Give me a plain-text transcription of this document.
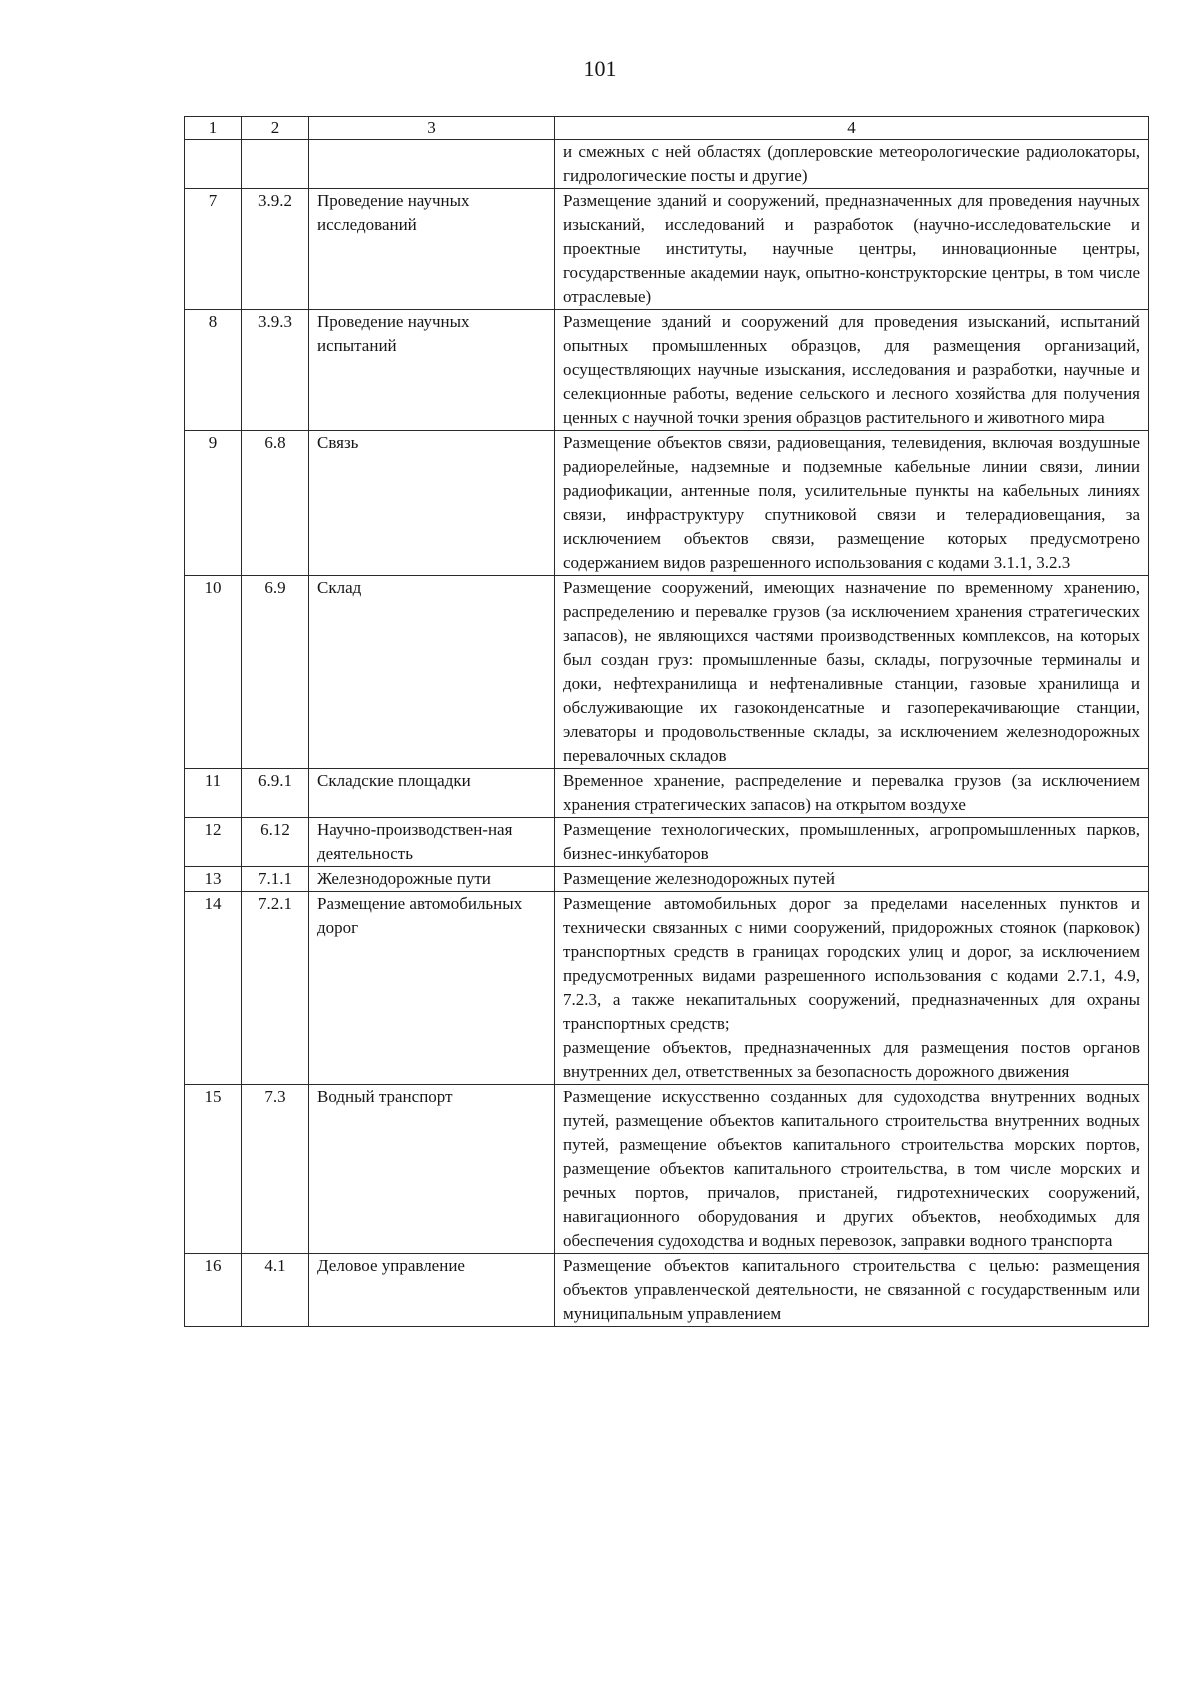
101
1	2	3	4
			и смежных с ней областях (доплеровские метеорологические радиолокаторы, гидрологические посты и другие)
7	3.9.2	Проведение научных исследований	Размещение зданий и сооружений, предназначенных для проведения научных изысканий, исследований и разработок (научно-исследовательские и проектные институты, научные центры, инновационные центры, государственные академии наук, опытно-конструкторские центры, в том числе отраслевые)
8	3.9.3	Проведение научных испытаний	Размещение зданий и сооружений для проведения изысканий, испытаний опытных промышленных образцов, для размещения организаций, осуществляющих научные изыскания, исследования и разработки, научные и селекционные работы, ведение сельского и лесного хозяйства для получения ценных с научной точки зрения образцов растительного и животного мира
9	6.8	Связь	Размещение объектов связи, радиовещания, телевидения, включая воздушные радиорелейные, надземные и подземные кабельные линии связи, линии радиофикации, антенные поля, усилительные пункты на кабельных линиях связи, инфраструктуру спутниковой связи и телерадиовещания, за исключением объектов связи, размещение которых предусмотрено содержанием видов разрешенного использования с кодами 3.1.1, 3.2.3
10	6.9	Склад	Размещение сооружений, имеющих назначение по временному хранению, распределению и перевалке грузов (за исключением хранения стратегических запасов), не являющихся частями производственных комплексов, на которых был создан груз: промышленные базы, склады, погрузочные терминалы и доки, нефтехранилища и нефтеналивные станции, газовые хранилища и обслуживающие их газоконденсатные и газоперекачивающие станции, элеваторы и продовольственные склады, за исключением железнодорожных перевалочных складов
11	6.9.1	Складские площадки	Временное хранение, распределение и перевалка грузов (за исключением хранения стратегических запасов) на открытом воздухе
12	6.12	Научно-производствен-ная деятельность	Размещение технологических, промышленных, агропромышленных парков, бизнес-инкубаторов
13	7.1.1	Железнодорожные пути	Размещение железнодорожных путей
14	7.2.1	Размещение автомобильных дорог	Размещение автомобильных дорог за пределами населенных пунктов и технически связанных с ними сооружений, придорожных стоянок (парковок) транспортных средств в границах городских улиц и дорог, за исключением предусмотренных видами разрешенного использования с кодами 2.7.1, 4.9, 7.2.3, а также некапитальных сооружений, предназначенных для охраны транспортных средств;
размещение объектов, предназначенных для размещения постов органов внутренних дел, ответственных за безопасность дорожного движения
15	7.3	Водный транспорт	Размещение искусственно созданных для судоходства внутренних водных путей, размещение объектов капитального строительства внутренних водных путей, размещение объектов капитального строительства морских портов, размещение объектов капитального строительства, в том числе морских и речных портов, причалов, пристаней, гидротехнических сооружений, навигационного оборудования и других объектов, необходимых для обеспечения судоходства и водных перевозок, заправки водного транспорта
16	4.1	Деловое управление	Размещение объектов капитального строительства с целью: размещения объектов управленческой деятельности, не связанной с государственным или муниципальным управлением
